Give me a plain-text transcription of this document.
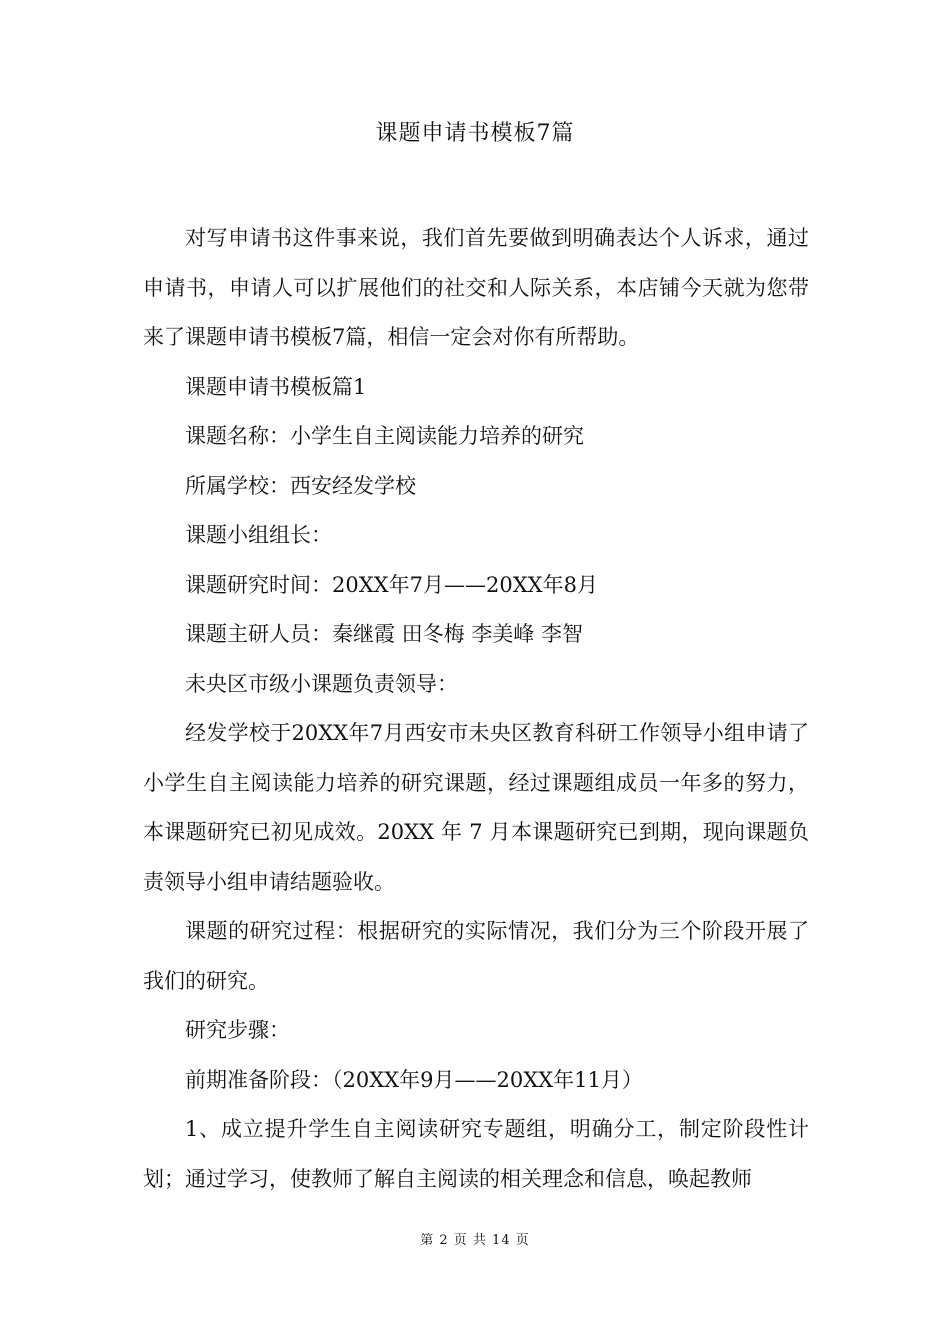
课题申请书模板7篇

对写申请书这件事来说，我们首先要做到明确表达个人诉求，通过申请书，申请人可以扩展他们的社交和人际关系，本店铺今天就为您带来了课题申请书模板7篇，相信一定会对你有所帮助。

课题申请书模板篇1

课题名称：小学生自主阅读能力培养的研究

所属学校：西安经发学校

课题小组组长：

课题研究时间：20XX年7月——20XX年8月

课题主研人员：秦继霞 田冬梅 李美峰 李智

未央区市级小课题负责领导：

经发学校于20XX年7月西安市未央区教育科研工作领导小组申请了小学生自主阅读能力培养的研究课题，经过课题组成员一年多的努力，本课题研究已初见成效。20XX 年 7 月本课题研究已到期，现向课题负责领导小组申请结题验收。

课题的研究过程：根据研究的实际情况，我们分为三个阶段开展了我们的研究。

研究步骤：

前期准备阶段：（20XX年9月——20XX年11月）

1、成立提升学生自主阅读研究专题组，明确分工，制定阶段性计划；通过学习，使教师了解自主阅读的相关理念和信息，唤起教师

第 2 页 共 14 页
